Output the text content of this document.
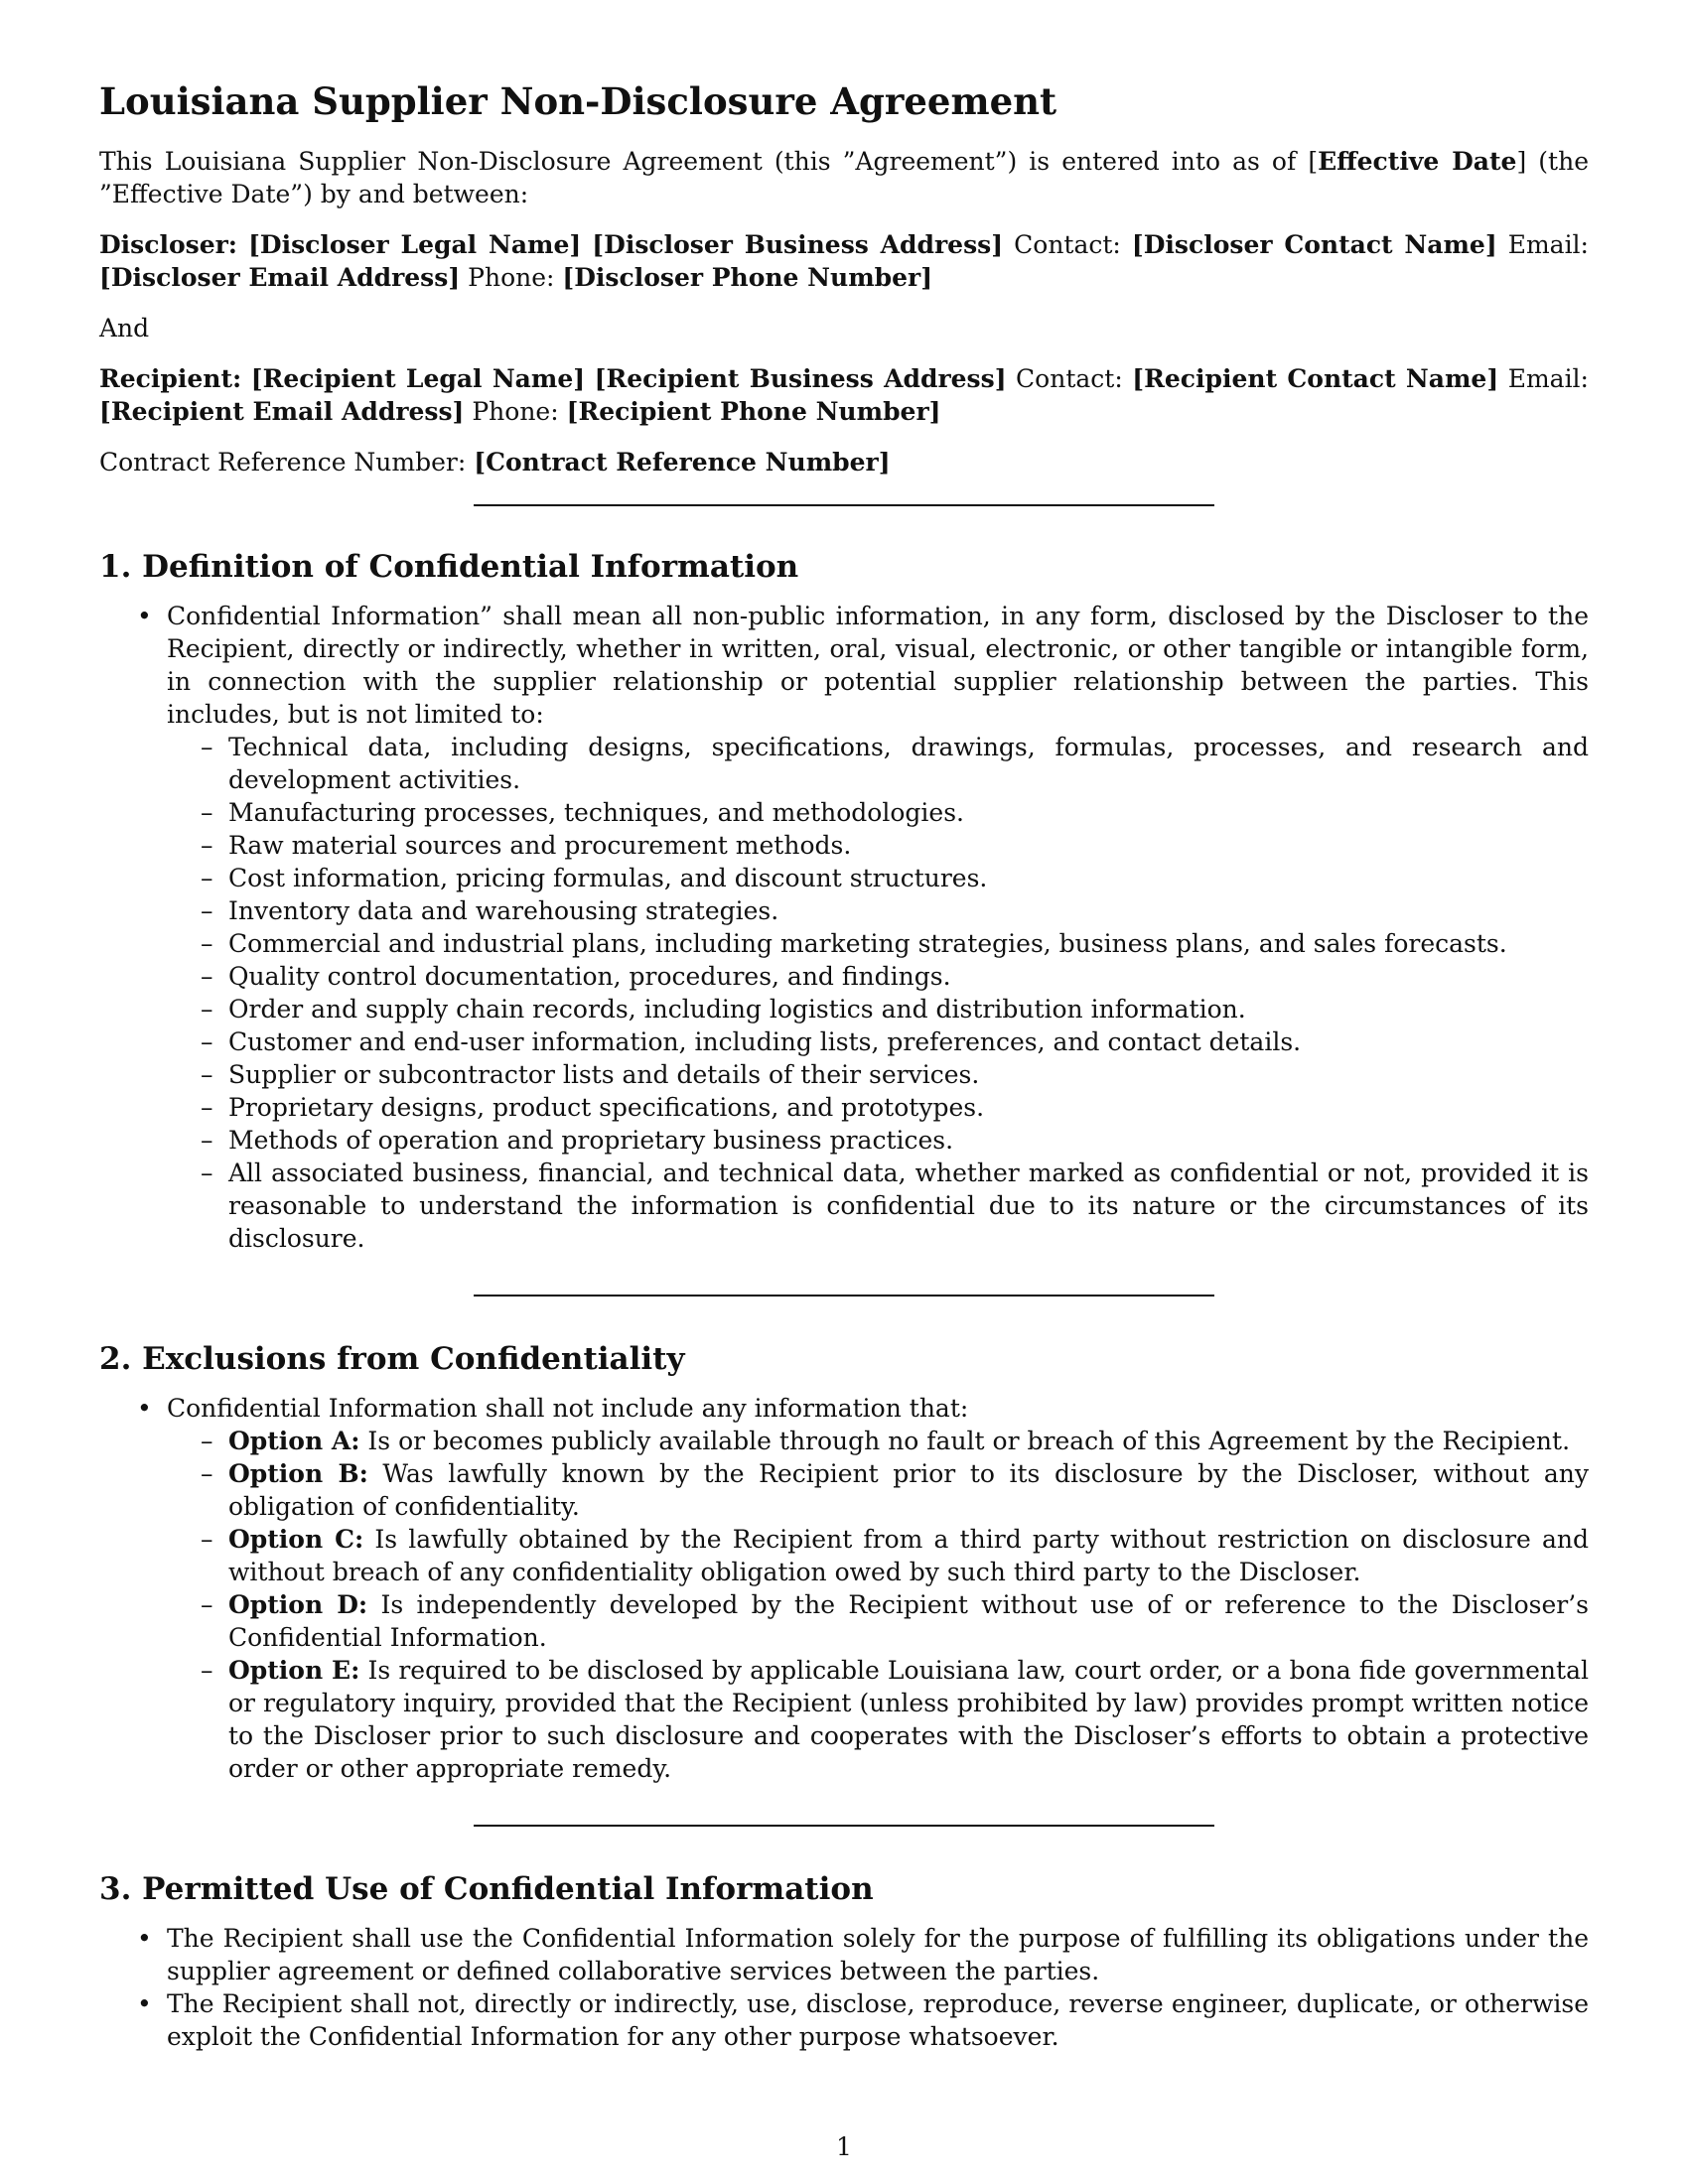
Louisiana Supplier Non-Disclosure Agreement

This Louisiana Supplier Non-Disclosure Agreement (this ”Agreement”) is entered into as of [Effective Date] (the ”Effective Date”) by and between:

Discloser: [Discloser Legal Name] [Discloser Business Address] Contact: [Discloser Contact Name] Email: [Discloser Email Address] Phone: [Discloser Phone Number]

And

Recipient: [Recipient Legal Name] [Recipient Business Address] Contact: [Recipient Contact Name] Email: [Recipient Email Address] Phone: [Recipient Phone Number]

Contract Reference Number: [Contract Reference Number]

1. Definition of Confidential Information
• Confidential Information” shall mean all non-public information, in any form, disclosed by the Discloser to the Recipient, directly or indirectly, whether in written, oral, visual, electronic, or other tangible or intangible form, in connection with the supplier relationship or potential supplier relationship between the parties. This includes, but is not limited to:
– Technical data, including designs, specifications, drawings, formulas, processes, and research and development activities.
– Manufacturing processes, techniques, and methodologies.
– Raw material sources and procurement methods.
– Cost information, pricing formulas, and discount structures.
– Inventory data and warehousing strategies.
– Commercial and industrial plans, including marketing strategies, business plans, and sales forecasts.
– Quality control documentation, procedures, and findings.
– Order and supply chain records, including logistics and distribution information.
– Customer and end-user information, including lists, preferences, and contact details.
– Supplier or subcontractor lists and details of their services.
– Proprietary designs, product specifications, and prototypes.
– Methods of operation and proprietary business practices.
– All associated business, financial, and technical data, whether marked as confidential or not, provided it is reasonable to understand the information is confidential due to its nature or the circumstances of its disclosure.
2. Exclusions from Confidentiality
• Confidential Information shall not include any information that:
– Option A: Is or becomes publicly available through no fault or breach of this Agreement by the Recipient.
– Option B: Was lawfully known by the Recipient prior to its disclosure by the Discloser, without any obligation of confidentiality.
– Option C: Is lawfully obtained by the Recipient from a third party without restriction on disclosure and without breach of any confidentiality obligation owed by such third party to the Discloser.
– Option D: Is independently developed by the Recipient without use of or reference to the Discloser’s Confidential Information.
– Option E: Is required to be disclosed by applicable Louisiana law, court order, or a bona fide governmental or regulatory inquiry, provided that the Recipient (unless prohibited by law) provides prompt written notice to the Discloser prior to such disclosure and cooperates with the Discloser’s efforts to obtain a protective order or other appropriate remedy.
3. Permitted Use of Confidential Information
• The Recipient shall use the Confidential Information solely for the purpose of fulfilling its obligations under the supplier agreement or defined collaborative services between the parties.
• The Recipient shall not, directly or indirectly, use, disclose, reproduce, reverse engineer, duplicate, or otherwise exploit the Confidential Information for any other purpose whatsoever.
1
